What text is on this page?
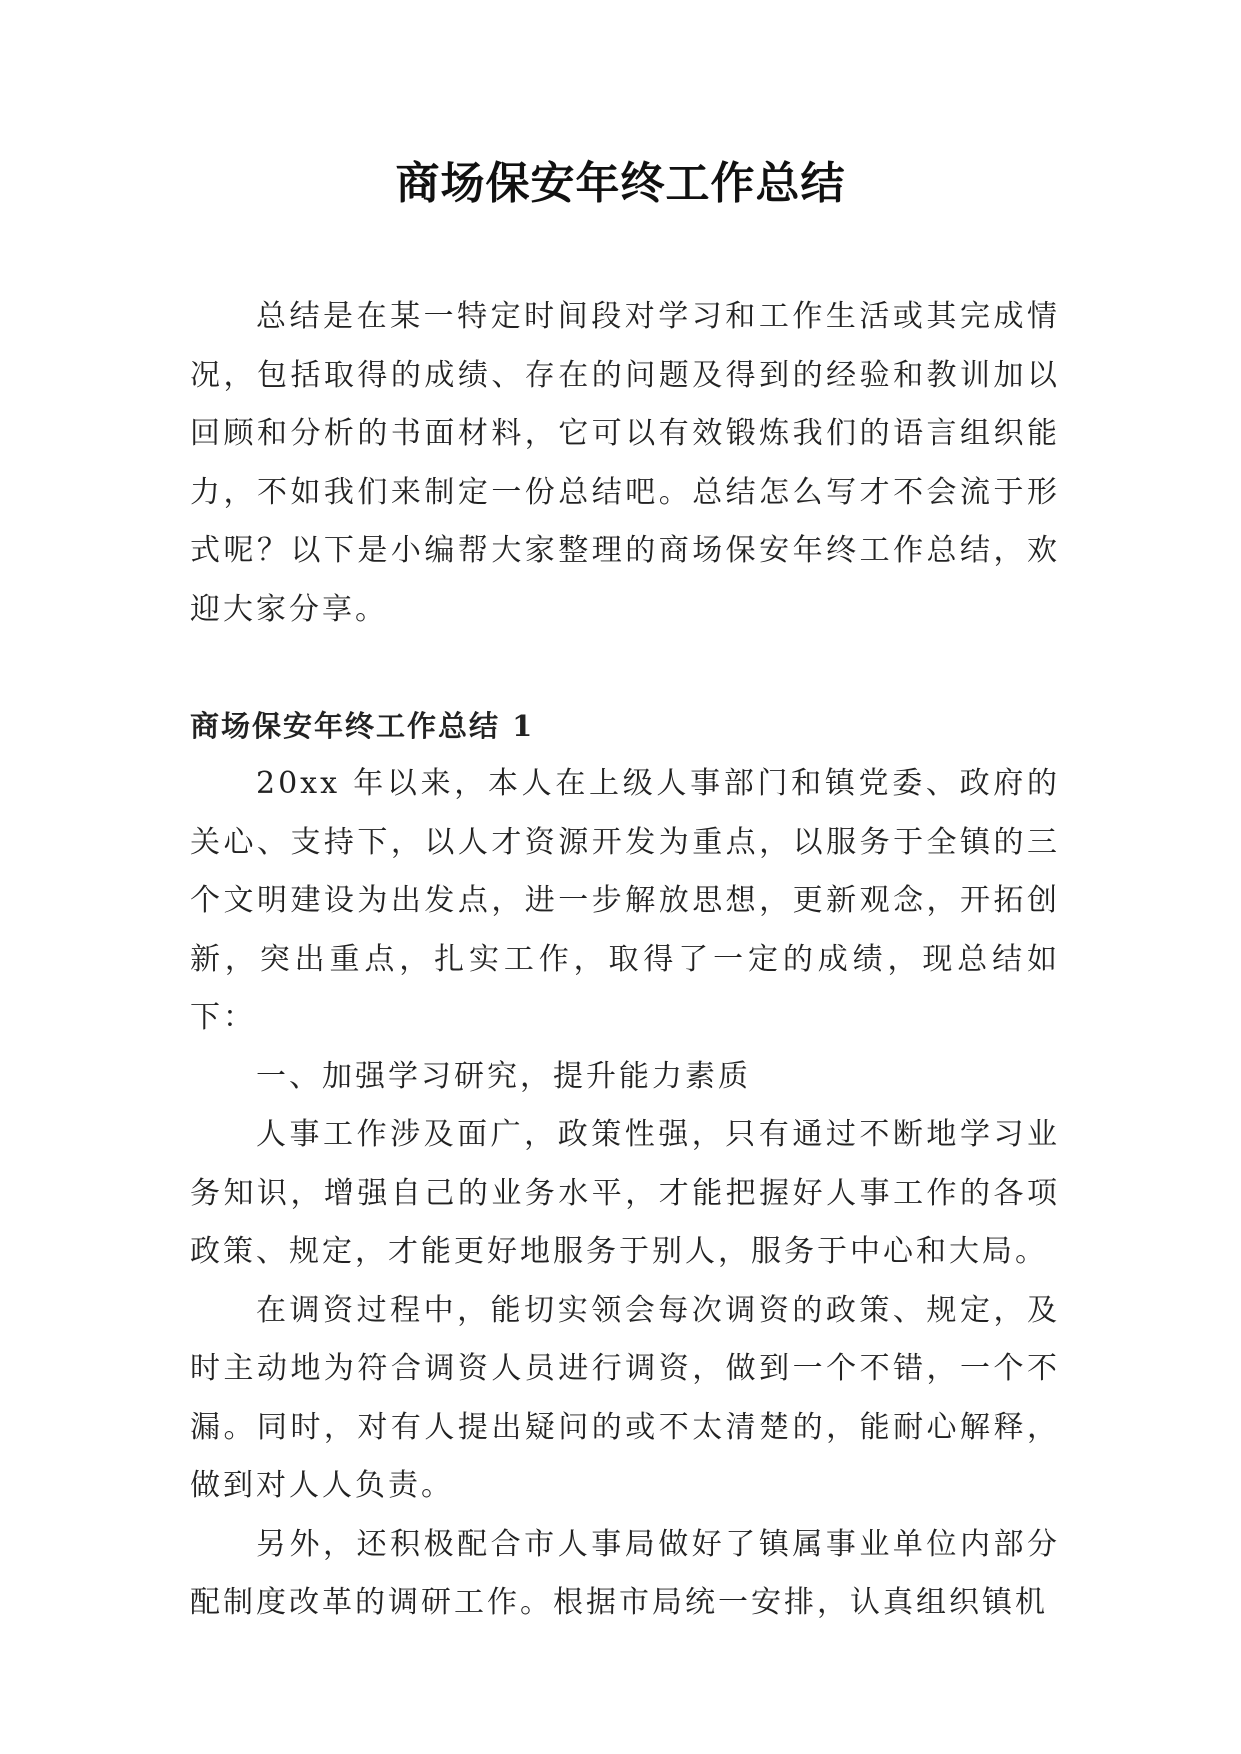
商场保安年终工作总结

总结是在某一特定时间段对学习和工作生活或其完成情况，包括取得的成绩、存在的问题及得到的经验和教训加以回顾和分析的书面材料，它可以有效锻炼我们的语言组织能力，不如我们来制定一份总结吧。总结怎么写才不会流于形式呢？以下是小编帮大家整理的商场保安年终工作总结，欢迎大家分享。

商场保安年终工作总结 1

20xx 年以来，本人在上级人事部门和镇党委、政府的关心、支持下，以人才资源开发为重点，以服务于全镇的三个文明建设为出发点，进一步解放思想，更新观念，开拓创新，突出重点，扎实工作，取得了一定的成绩，现总结如下：

一、加强学习研究，提升能力素质

人事工作涉及面广，政策性强，只有通过不断地学习业务知识，增强自己的业务水平，才能把握好人事工作的各项政策、规定，才能更好地服务于别人，服务于中心和大局。

在调资过程中，能切实领会每次调资的政策、规定，及时主动地为符合调资人员进行调资，做到一个不错，一个不漏。同时，对有人提出疑问的或不太清楚的，能耐心解释，做到对人人负责。

另外，还积极配合市人事局做好了镇属事业单位内部分配制度改革的调研工作。根据市局统一安排，认真组织镇机
